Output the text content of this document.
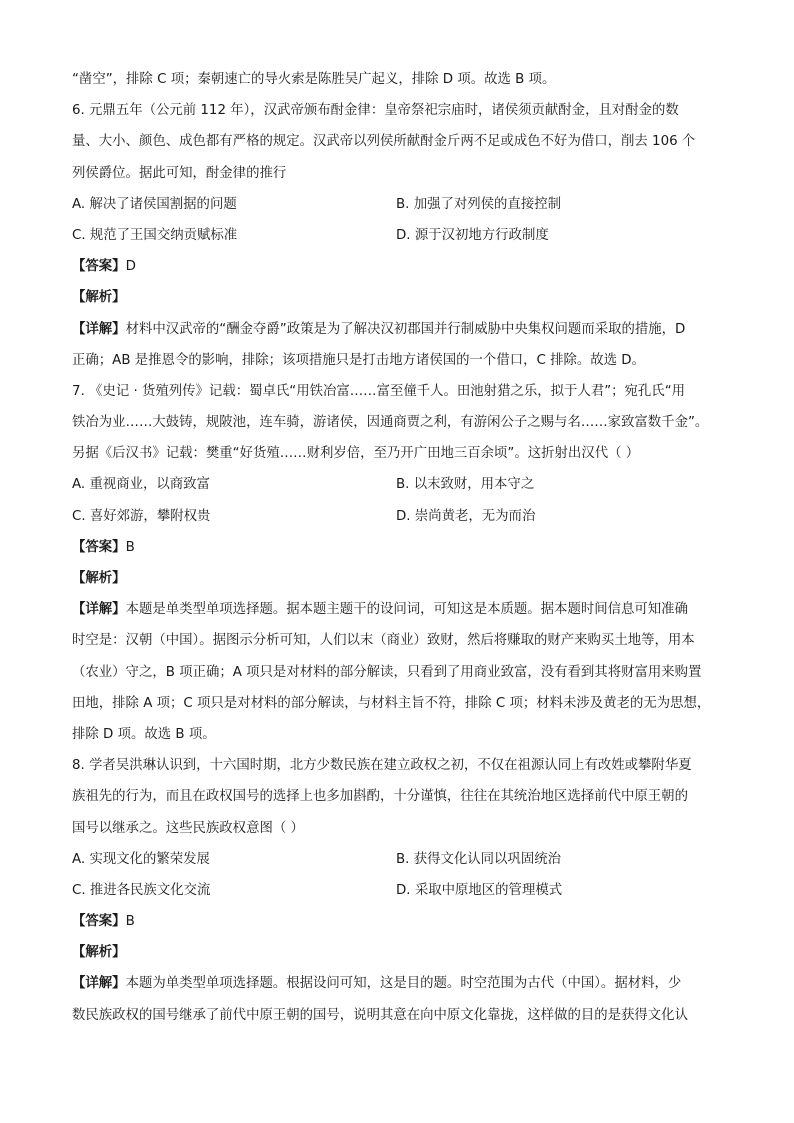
“凿空”，排除 C 项；秦朝速亡的导火索是陈胜吴广起义，排除 D 项。故选 B 项。
6. 元鼎五年（公元前 112 年），汉武帝颁布酎金律：皇帝祭祀宗庙时，诸侯须贡献酎金，且对酎金的数
量、大小、颜色、成色都有严格的规定。汉武帝以列侯所献酎金斤两不足或成色不好为借口，削去 106 个
列侯爵位。据此可知，酎金律的推行
A. 解决了诸侯国割据的问题	B. 加强了对列侯的直接控制
C. 规范了王国交纳贡赋标准	D. 源于汉初地方行政制度
【答案】D
【解析】
【详解】材料中汉武帝的“酬金夺爵”政策是为了解决汉初郡国并行制威胁中央集权问题而采取的措施，D
正确；AB 是推恩令的影响，排除；该项措施只是打击地方诸侯国的一个借口，C 排除。故选 D。
7. 《史记 · 货殖列传》记载：蜀卓氏“用铁冶富……富至僮千人。田池射猎之乐，拟于人君”；宛孔氏“用
铁冶为业……大鼓铸，规陂池，连车骑，游诸侯，因通商贾之利，有游闲公子之赐与名……家致富数千金”。
另据《后汉书》记载：樊重“好货殖……财利岁倍，至乃开广田地三百余顷”。这折射出汉代（ ）
A. 重视商业，以商致富	B. 以末致财，用本守之
C. 喜好郊游，攀附权贵	D. 崇尚黄老，无为而治
【答案】B
【解析】
【详解】本题是单类型单项选择题。据本题主题干的设问词，可知这是本质题。据本题时间信息可知准确
时空是：汉朝（中国）。据图示分析可知，人们以末（商业）致财，然后将赚取的财产来购买土地等，用本
（农业）守之，B 项正确；A 项只是对材料的部分解读，只看到了用商业致富，没有看到其将财富用来购置
田地，排除 A 项；C 项只是对材料的部分解读，与材料主旨不符，排除 C 项；材料未涉及黄老的无为思想，
排除 D 项。故选 B 项。
8. 学者吴洪琳认识到，十六国时期，北方少数民族在建立政权之初，不仅在祖源认同上有改姓或攀附华夏
族祖先的行为，而且在政权国号的选择上也多加斟酌，十分谨慎，往往在其统治地区选择前代中原王朝的
国号以继承之。这些民族政权意图（ ）
A. 实现文化的繁荣发展	B. 获得文化认同以巩固统治
C. 推进各民族文化交流	D. 采取中原地区的管理模式
【答案】B
【解析】
【详解】本题为单类型单项选择题。根据设问可知，这是目的题。时空范围为古代（中国）。据材料，少
数民族政权的国号继承了前代中原王朝的国号，说明其意在向中原文化靠拢，这样做的目的是获得文化认
